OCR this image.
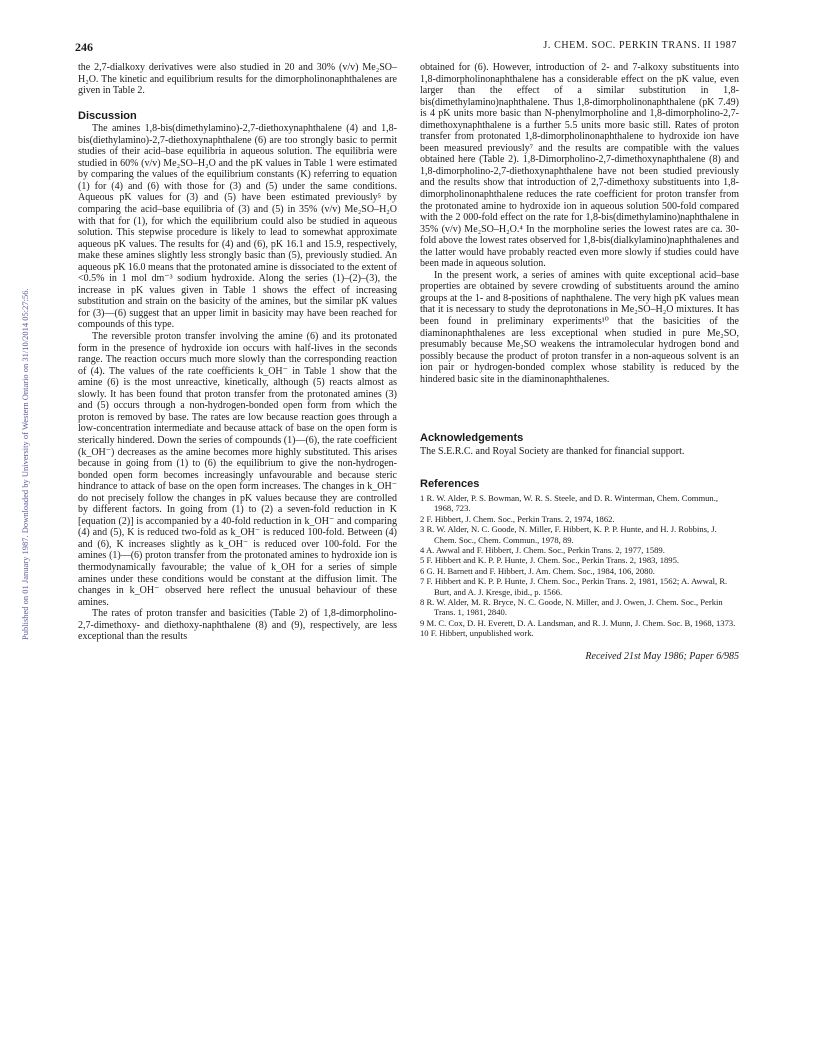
246	J. CHEM. SOC. PERKIN TRANS. II 1987
Published on 01 January 1987. Downloaded by University of Western Ontario on 31/10/2014 05:27:56.

the 2,7-dialkoxy derivatives were also studied in 20 and 30% (v/v) Me₂SO–H₂O. The kinetic and equilibrium results for the dimorpholinonaphthalenes are given in Table 2.

Discussion

The amines 1,8-bis(dimethylamino)-2,7-diethoxynaphthalene (4) and 1,8-bis(diethylamino)-2,7-diethoxynaphthalene (6) are too strongly basic to permit studies of their acid–base equilibria in aqueous solution. The equilibria were studied in 60% (v/v) Me₂SO–H₂O and the pK values in Table 1 were estimated by comparing the values of the equilibrium constants (K) referring to equation (1) for (4) and (6) with those for (3) and (5) under the same conditions. Aqueous pK values for (3) and (5) have been estimated previously⁵ by comparing the acid–base equilibria of (3) and (5) in 35% (v/v) Me₂SO–H₂O with that for (1), for which the equilibrium could also be studied in aqueous solution. This stepwise procedure is likely to lead to somewhat approximate aqueous pK values. The results for (4) and (6), pK 16.1 and 15.9, respectively, make these amines slightly less strongly basic than (5), previously studied. An aqueous pK 16.0 means that the protonated amine is dissociated to the extent of <0.5% in 1 mol dm⁻³ sodium hydroxide. Along the series (1)–(2)–(3), the increase in pK values given in Table 1 shows the effect of increasing substitution and strain on the basicity of the amines, but the similar pK values for (3)—(6) suggest that an upper limit in basicity may have been reached for compounds of this type.

The reversible proton transfer involving the amine (6) and its protonated form in the presence of hydroxide ion occurs with half-lives in the seconds range. The reaction occurs much more slowly than the corresponding reaction of (4). The values of the rate coefficients k_OH⁻ in Table 1 show that the amine (6) is the most unreactive, kinetically, although (5) reacts almost as slowly. It has been found that proton transfer from the protonated amines (3) and (5) occurs through a non-hydrogen-bonded open form from which the proton is removed by base. The rates are low because reaction goes through a low-concentration intermediate and because attack of base on the open form is sterically hindered. Down the series of compounds (1)—(6), the rate coefficient (k_OH⁻) decreases as the amine becomes more highly substituted. This arises because in going from (1) to (6) the equilibrium to give the non-hydrogen-bonded open form becomes increasingly unfavourable and because steric hindrance to attack of base on the open form increases. The changes in k_OH⁻ do not precisely follow the changes in pK values because they are controlled by different factors. In going from (1) to (2) a seven-fold reduction in K [equation (2)] is accompanied by a 40-fold reduction in k_OH⁻ and comparing (4) and (5), K is reduced two-fold as k_OH⁻ is reduced 100-fold. Between (4) and (6), K increases slightly as k_OH⁻ is reduced over 100-fold. For the amines (1)—(6) proton transfer from the protonated amines to hydroxide ion is thermodynamically favourable; the value of k_OH for a series of simple amines under these conditions would be constant at the diffusion limit. The changes in k_OH⁻ observed here reflect the unusual behaviour of these amines.

The rates of proton transfer and basicities (Table 2) of 1,8-dimorpholino-2,7-dimethoxy- and diethoxy-naphthalene (8) and (9), respectively, are less exceptional than the results

obtained for (6). However, introduction of 2- and 7-alkoxy substituents into 1,8-dimorpholinonaphthalene has a considerable effect on the pK value, even larger than the effect of a similar substitution in 1,8-bis(dimethylamino)naphthalene. Thus 1,8-dimorpholinonaphthalene (pK 7.49) is 4 pK units more basic than N-phenylmorpholine and 1,8-dimorpholino-2,7-dimethoxynaphthalene is a further 5.5 units more basic still. Rates of proton transfer from protonated 1,8-dimorpholinonaphthalene to hydroxide ion have been measured previously⁷ and the results are compatible with the values obtained here (Table 2). 1,8-Dimorpholino-2,7-dimethoxynaphthalene (8) and 1,8-dimorpholino-2,7-diethoxynaphthalene have not been studied previously and the results show that introduction of 2,7-dimethoxy substituents into 1,8-dimorpholinonaphthalene reduces the rate coefficient for proton transfer from the protonated amine to hydroxide ion in aqueous solution 500-fold compared with the 2 000-fold effect on the rate for 1,8-bis(dimethylamino)naphthalene in 35% (v/v) Me₂SO–H₂O.⁴ In the morpholine series the lowest rates are ca. 30-fold above the lowest rates observed for 1,8-bis(dialkylamino)naphthalenes and the latter would have probably reacted even more slowly if studies could have been made in aqueous solution.

In the present work, a series of amines with quite exceptional acid–base properties are obtained by severe crowding of substituents around the amino groups at the 1- and 8-positions of naphthalene. The very high pK values mean that it is necessary to study the deprotonations in Me₂SO–H₂O mixtures. It has been found in preliminary experiments¹⁰ that the basicities of the diaminonaphthalenes are less exceptional when studied in pure Me₂SO, presumably because Me₂SO weakens the intramolecular hydrogen bond and possibly because the product of proton transfer in a non-aqueous solvent is an ion pair or hydrogen-bonded complex whose stability is reduced by the hindered basic site in the diaminonaphthalenes.

Acknowledgements

The S.E.R.C. and Royal Society are thanked for financial support.

References
1 R. W. Alder, P. S. Bowman, W. R. S. Steele, and D. R. Winterman, Chem. Commun., 1968, 723.
2 F. Hibbert, J. Chem. Soc., Perkin Trans. 2, 1974, 1862.
3 R. W. Alder, N. C. Goode, N. Miller, F. Hibbert, K. P. P. Hunte, and H. J. Robbins, J. Chem. Soc., Chem. Commun., 1978, 89.
4 A. Awwal and F. Hibbert, J. Chem. Soc., Perkin Trans. 2, 1977, 1589.
5 F. Hibbert and K. P. P. Hunte, J. Chem. Soc., Perkin Trans. 2, 1983, 1895.
6 G. H. Barnett and F. Hibbert, J. Am. Chem. Soc., 1984, 106, 2080.
7 F. Hibbert and K. P. P. Hunte, J. Chem. Soc., Perkin Trans. 2, 1981, 1562; A. Awwal, R. Burt, and A. J. Kresge, ibid., p. 1566.
8 R. W. Alder, M. R. Bryce, N. C. Goode, N. Miller, and J. Owen, J. Chem. Soc., Perkin Trans. 1, 1981, 2840.
9 M. C. Cox, D. H. Everett, D. A. Landsman, and R. J. Munn, J. Chem. Soc. B, 1968, 1373.
10 F. Hibbert, unpublished work.
Received 21st May 1986; Paper 6/985
